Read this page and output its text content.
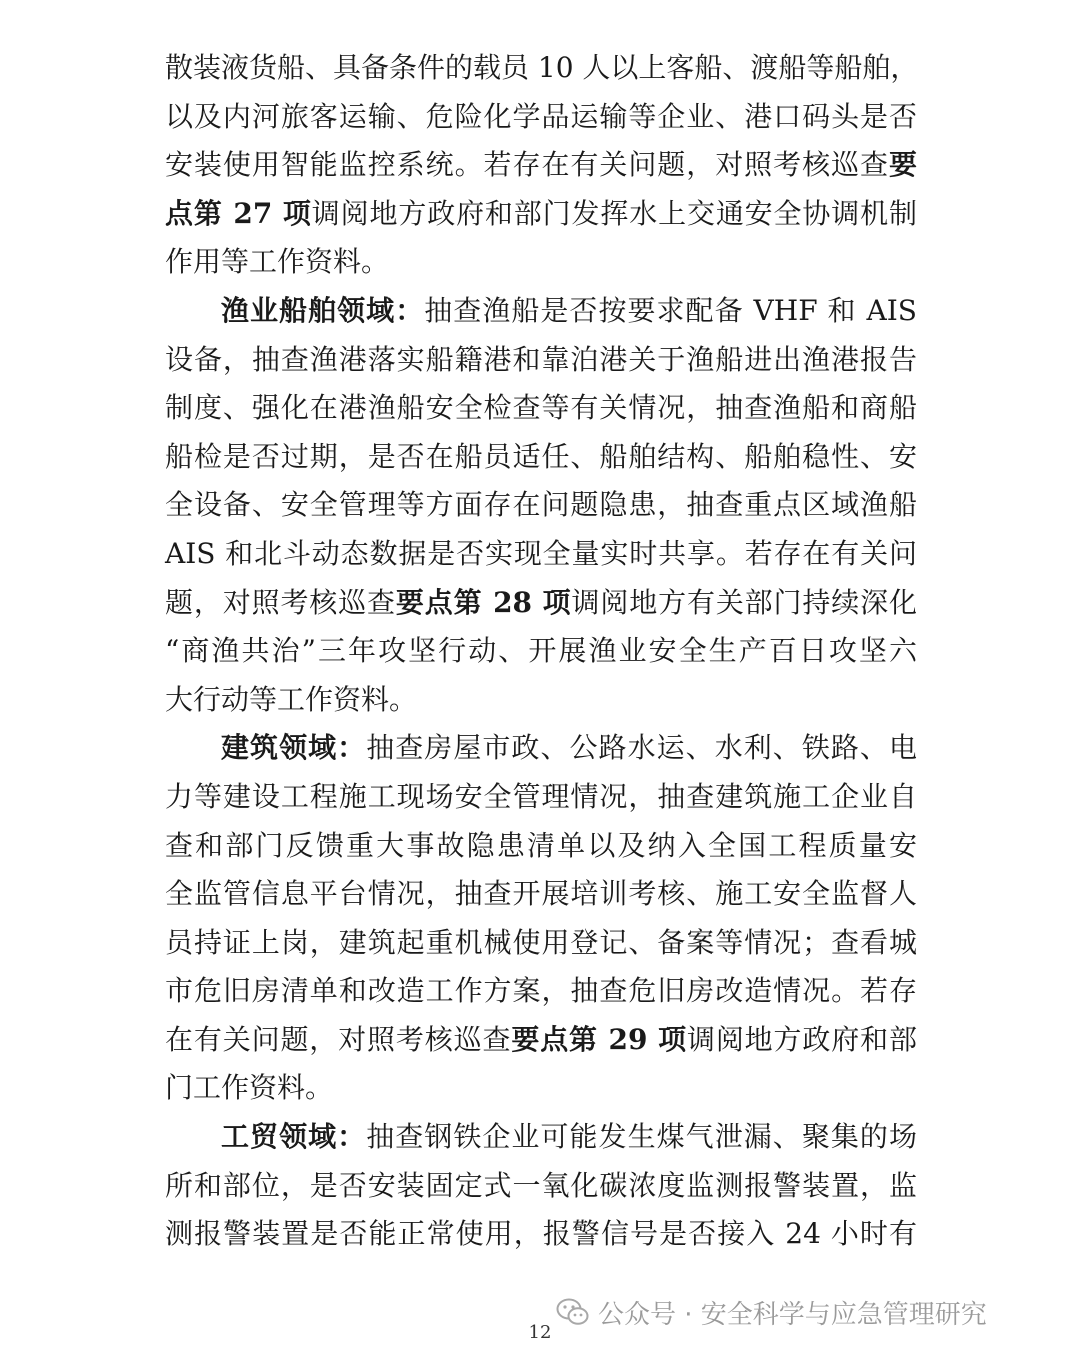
散装液货船、具备条件的载员 10 人以上客船、渡船等船舶，
以及内河旅客运输、危险化学品运输等企业、港口码头是否
安装使用智能监控系统。若存在有关问题，对照考核巡查要
点第 27 项调阅地方政府和部门发挥水上交通安全协调机制
作用等工作资料。
渔业船舶领域：抽查渔船是否按要求配备 VHF 和 AIS
设备，抽查渔港落实船籍港和靠泊港关于渔船进出渔港报告
制度、强化在港渔船安全检查等有关情况，抽查渔船和商船
船检是否过期，是否在船员适任、船舶结构、船舶稳性、安
全设备、安全管理等方面存在问题隐患，抽查重点区域渔船
AIS 和北斗动态数据是否实现全量实时共享。若存在有关问
题，对照考核巡查要点第 28 项调阅地方有关部门持续深化
“商渔共治”三年攻坚行动、开展渔业安全生产百日攻坚六
大行动等工作资料。
建筑领域：抽查房屋市政、公路水运、水利、铁路、电
力等建设工程施工现场安全管理情况，抽查建筑施工企业自
查和部门反馈重大事故隐患清单以及纳入全国工程质量安
全监管信息平台情况，抽查开展培训考核、施工安全监督人
员持证上岗，建筑起重机械使用登记、备案等情况；查看城
市危旧房清单和改造工作方案，抽查危旧房改造情况。若存
在有关问题，对照考核巡查要点第 29 项调阅地方政府和部
门工作资料。
工贸领域：抽查钢铁企业可能发生煤气泄漏、聚集的场
所和部位，是否安装固定式一氧化碳浓度监测报警装置，监
测报警装置是否能正常使用，报警信号是否接入 24 小时有
公众号 · 安全科学与应急管理研究
12
